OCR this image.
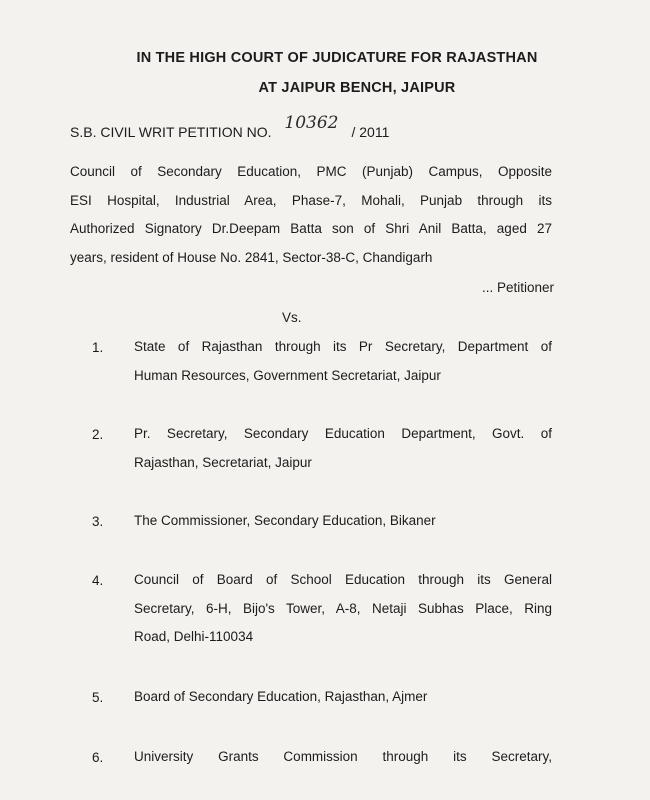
IN THE HIGH COURT OF JUDICATURE FOR RAJASTHAN
AT JAIPUR BENCH, JAIPUR
S.B. CIVIL WRIT PETITION NO. 10362 / 2011
Council of Secondary Education, PMC (Punjab) Campus, Opposite
ESI Hospital, Industrial Area, Phase-7, Mohali, Punjab through its
Authorized Signatory Dr.Deepam Batta son of Shri Anil Batta, aged 27
years, resident of House No. 2841, Sector-38-C, Chandigarh
... Petitioner
Vs.
1. State of Rajasthan through its Pr Secretary, Department of
Human Resources, Government Secretariat, Jaipur
2. Pr. Secretary, Secondary Education Department, Govt. of
Rajasthan, Secretariat, Jaipur
3. The Commissioner, Secondary Education, Bikaner
4. Council of Board of School Education through its General
Secretary, 6-H, Bijo's Tower, A-8, Netaji Subhas Place, Ring
Road, Delhi-110034
5. Board of Secondary Education, Rajasthan, Ajmer
6. University Grants Commission through its Secretary,
